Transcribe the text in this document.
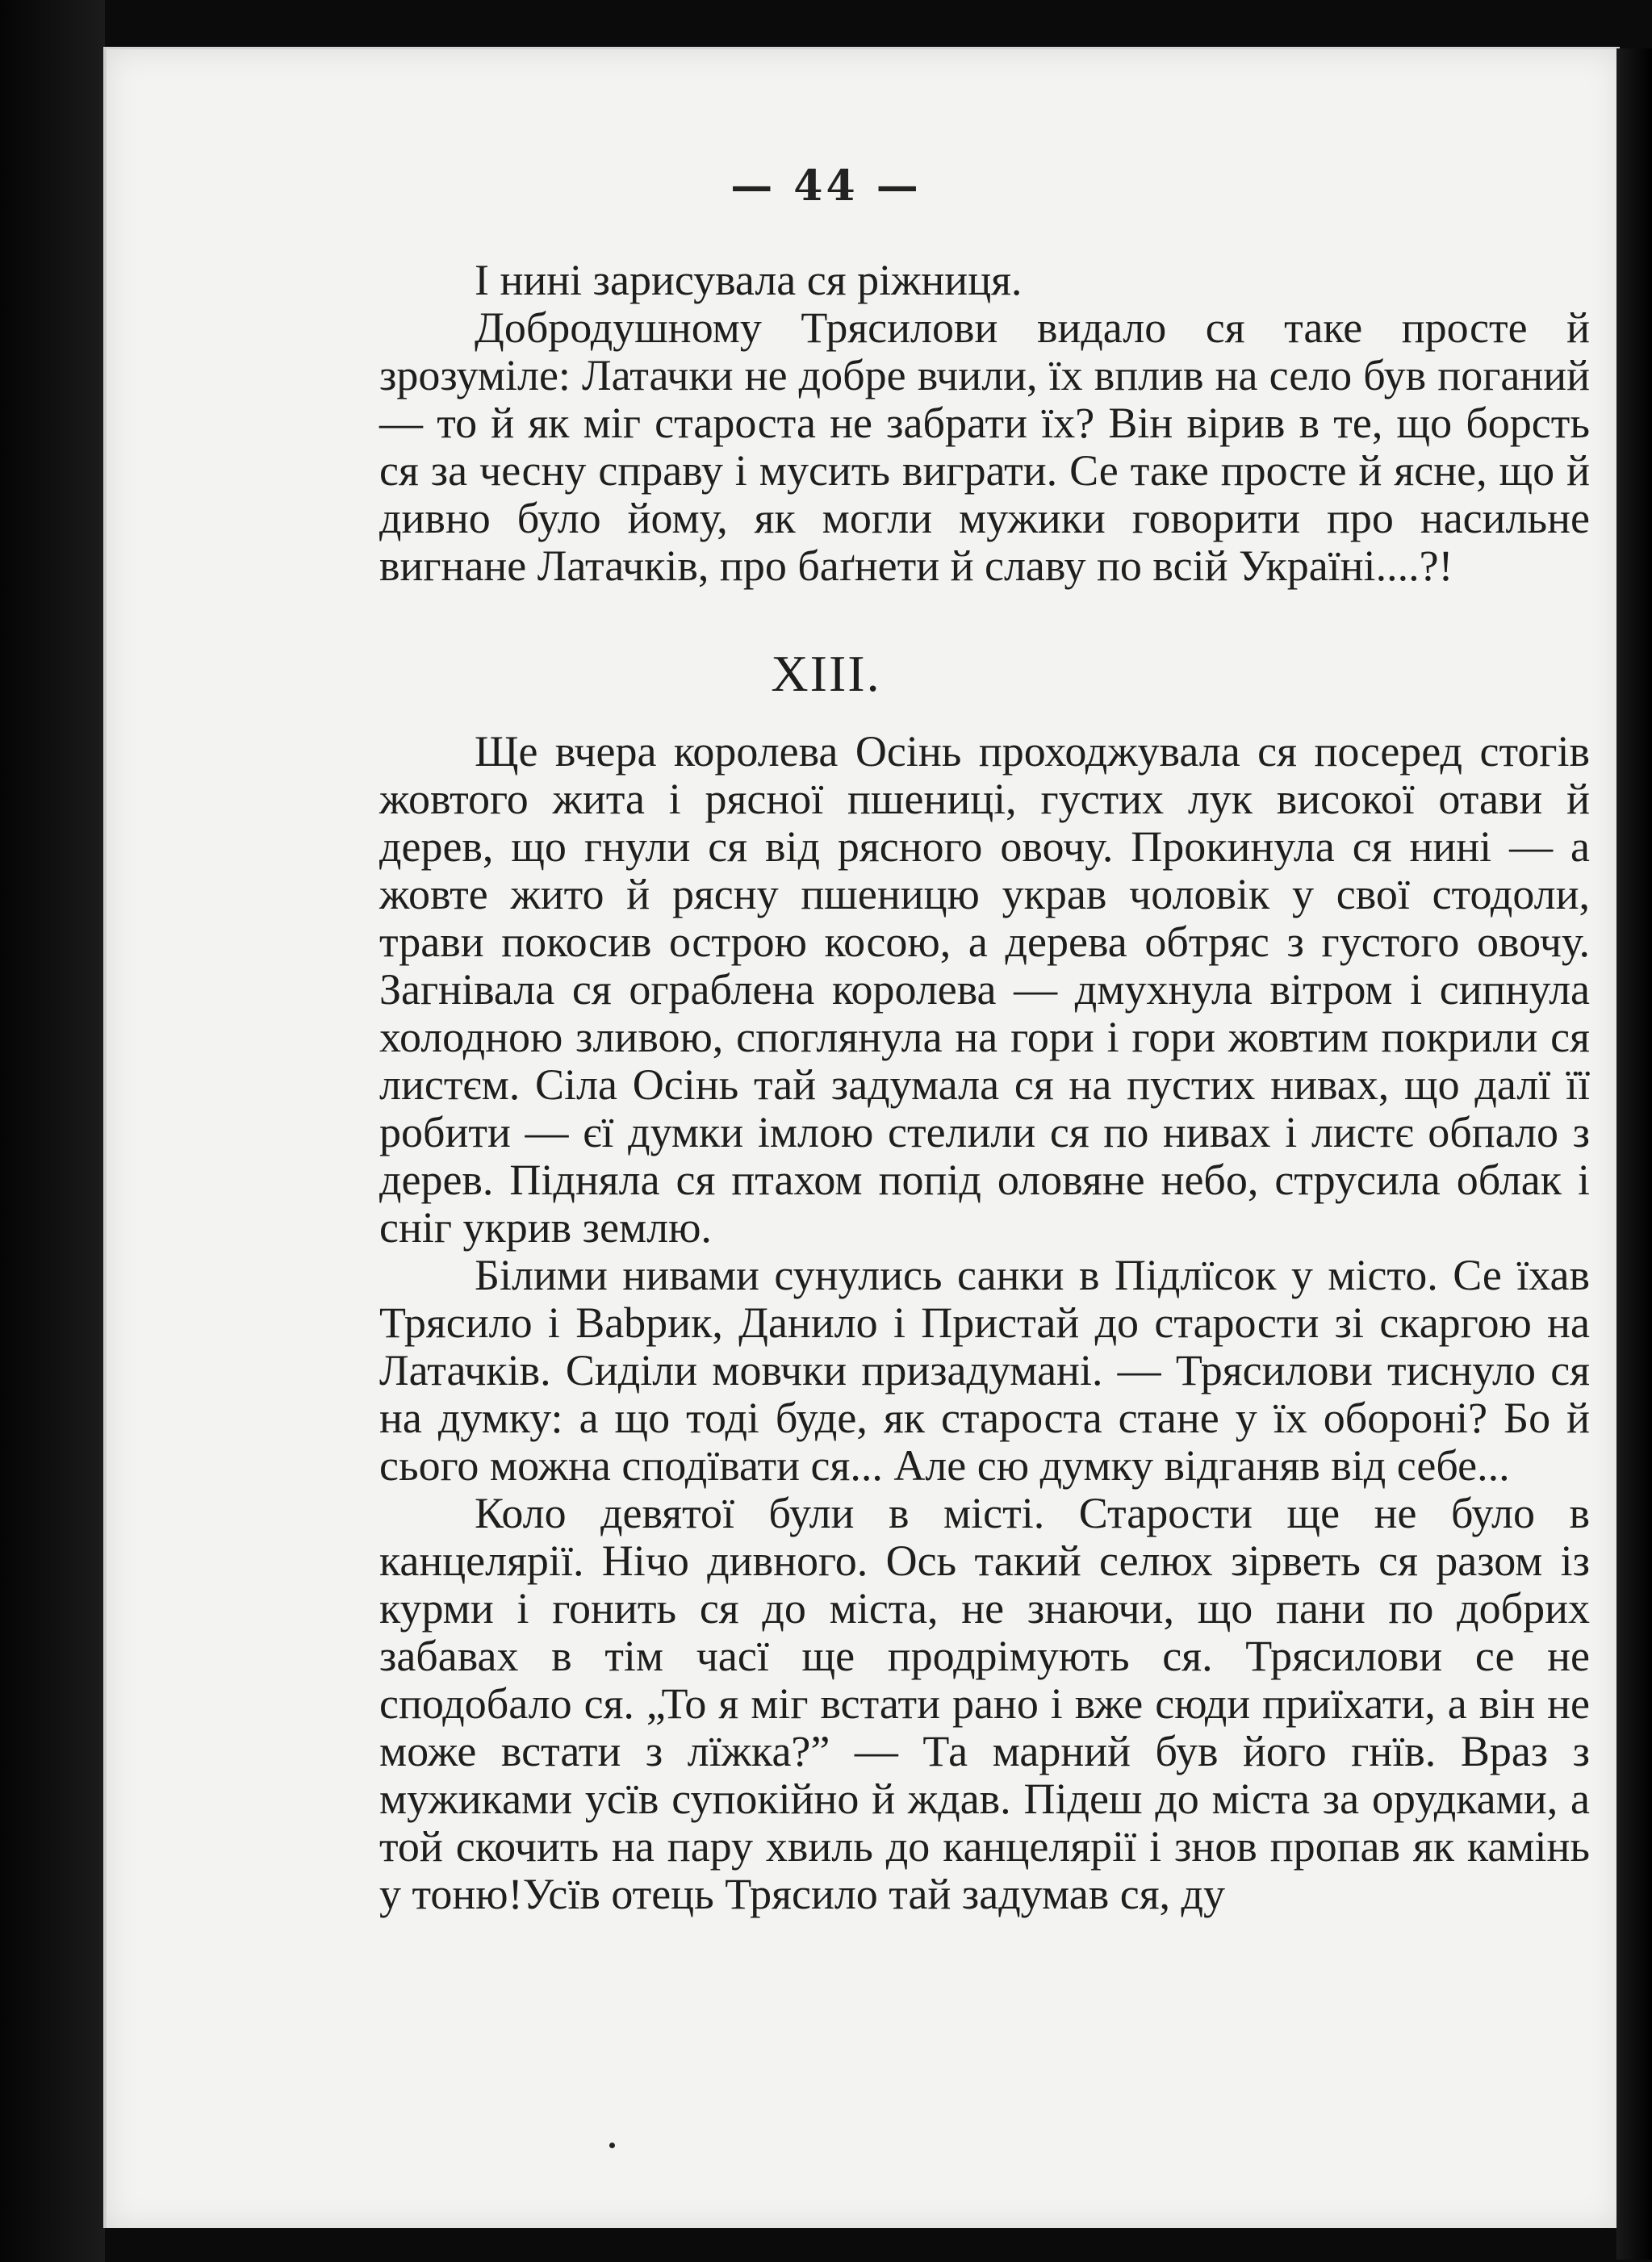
— 44 —

І нині зарисувала ся ріжниця.

Добродушному Трясилови видало ся таке просте й зрозуміле: Латачки не добре вчили, їх вплив на село був поганий — то й як міг староста не забрати їх? Він вірив в те, що борсть ся за чесну справу і мусить виграти. Се таке просте й ясне, що й дивно було йому, як могли мужики говорити про насильне вигнане Латачків, про баґнети й славу по всій Україні....?!

XIII.

Ще вчера королева Осінь проходжувала ся посеред стогів жовтого жита і рясної пшениці, густих лук високої отави й дерев, що гнули ся від рясного овочу. Прокинула ся нині — а жовте жито й рясну пшеницю украв чоловік у свої стодоли, трави покосив острою косою, а дерева обтряс з густого овочу. Загнівала ся ограблена королева — дмухнула вітром і сипнула холодною зливою, споглянула на гори і гори жовтим покрили ся листєм. Сіла Осінь тай задумала ся на пустих нивах, що далї її робити — єї думки імлою стелили ся по нивах і листє обпало з дерев. Підняла ся птахом попід оловяне небо, струсила облак і сніг укрив землю.

Білими нивами сунулись санки в Підлїсок у місто. Се їхав Трясило і Babрик, Данило і Пристай до старости зі скаргою на Латачків. Сиділи мовчки призадумані. — Трясилови тиснуло ся на думку: а що тоді буде, як староста стане у їх обороні? Бо й сього можна сподївати ся... Але сю думку відганяв від себе...

Коло девятої були в місті. Старости ще не було в канцелярії. Нічо дивного. Ось такий селюх зірветь ся разом із курми і гонить ся до міста, не знаючи, що пани по добрих забавах в тім часї ще продрімують ся. Трясилови се не сподобало ся. „То я міг встати рано і вже сюди приїхати, а він не може встати з лїжка?” — Та марний був його гнїв. Враз з мужиками усїв супокійно й ждав. Підеш до міста за орудками, а той скочить на пару хвиль до канцелярії і знов пропав як камінь у тоню!Усїв отець Трясило тай задумав ся, ду
